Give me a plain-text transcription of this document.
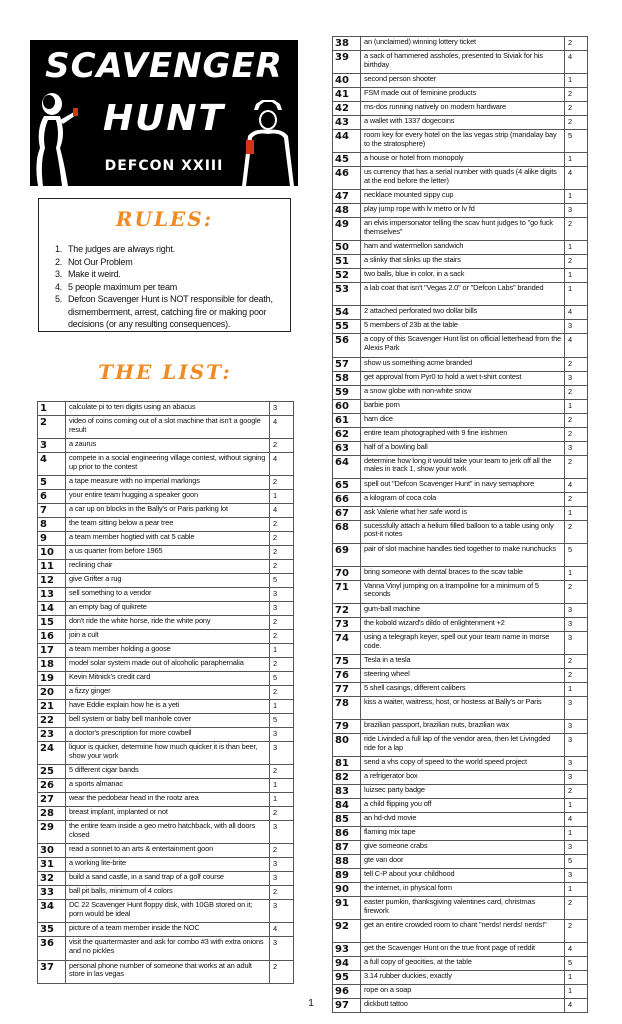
SCAVENGER
HUNT
DEFCON XXIII
RULES:
1. The judges are always right.
2. Not Our Problem
3. Make it weird.
4. 5 people maximum per team
5. Defcon Scavenger Hunt is NOT responsible for death, dismemberment, arrest, catching fire or making poor decisions (or any resulting consequences).
THE LIST:
1	calculate pi to ten digits using an abacus	3
2	video of coins coming out of a slot machine that isn't a google result	4
3	a zaurus	2
4	compete in a social engineering village contest, without signing up prior to the contest	4
5	a tape measure with no imperial markings	2
6	your entire team hugging a speaker goon	1
7	a car up on blocks in the Bally's or Paris parking lot	4
8	the team sitting below a pear tree	2
9	a team member hogtied with cat 5 cable	2
10	a us quarter from before 1965	2
11	reclining chair	2
12	give Grifter a rug	5
13	sell something to a vendor	3
14	an empty bag of quikrete	3
15	don't ride the white horse, ride the white pony	2
16	join a cult	2
17	a team member holding a goose	1
18	model solar system made out of alcoholic paraphernalia	2
19	Kevin Mitnick's credit card	5
20	a fizzy ginger	2
21	have Eddie explain how he is a yeti	1
22	bell system or baby bell manhole cover	5
23	a doctor's prescription for more cowbell	3
24	liquor is quicker, determine how much quicker it is than beer, show your work	3
25	5 different cigar bands	2
26	a sports almanac	1
27	wear the pedobear head in the rootz area	1
28	breast implant, implanted or not	2
29	the entire team inside a geo metro hatchback, with all doors closed	3
30	read a sonnet to an arts & entertainment goon	2
31	a working lite-brite	3
32	build a sand castle, in a sand trap of a golf course	3
33	ball pit balls, minimum of 4 colors	2
34	DC 22 Scavenger Hunt floppy disk, with 10GB stored on it; porn would be ideal	3
35	picture of a team member inside the NOC	4
36	visit the quartermaster and ask for combo #3 with extra onions and no pickles	3
37	personal phone number of someone that works at an adult store in las vegas	2
38	an (unclaimed) winning lottery ticket	2
39	a sack of hammered assholes, presented to Siviak for his birthday	4
40	second person shooter	1
41	FSM made out of feminine products	2
42	ms-dos running natively on modern hardware	2
43	a wallet with 1337 dogecoins	2
44	room key for every hotel on the las vegas strip (mandalay bay to the stratosphere)	5
45	a house or hotel from monopoly	1
46	us currency that has a serial number with quads (4 alike digits at the end before the letter)	4
47	necklace mounted sippy cup	1
48	play jump rope with lv metro or lv fd	3
49	an elvis impersonator telling the scav hunt judges to "go fuck themselves"	2
50	ham and watermellon sandwich	1
51	a slinky that slinks up the stairs	2
52	two balls, blue in color, in a sack	1
53	a lab coat that isn't "Vegas 2.0" or "Defcon Labs" branded	1
54	2 attached perforated two dollar bills	4
55	5 members of 23b at the table	3
56	a copy of this Scavenger Hunt list on official letterhead from the Alexis Park	4
57	show us something acme branded	2
58	get approval from Pyr0 to hold a wet t-shirt contest	3
59	a snow globe with non-white snow	2
60	barbie porn	1
61	ham dice	2
62	entire team photographed with 9 fine irishmen	2
63	half of a bowling ball	3
64	determine how long it would take your team to jerk off all the males in track 1, show your work	2
65	spell out "Defcon Scavenger Hunt" in navy semaphore	4
66	a kilogram of coca cola	2
67	ask Valerie what her safe word is	1
68	sucessfully attach a helium filled balloon to a table using only post-it notes	2
69	pair of slot machine handles tied together to make nunchucks	5
70	bring someone with dental braces to the scav table	1
71	Vanna Vinyl jumping on a trampoline for a minimum of 5 seconds	2
72	gum-ball machine	3
73	the kobold wizard's dildo of enlightenment +2	3
74	using a telegraph keyer, spell out your team name in morse code.	3
75	Tesla in a tesla	2
76	steering wheel	2
77	5 shell casings, different calibers	1
78	kiss a waiter, waitress, host, or hostess at Bally's or Paris	3
79	brazilian passport, brazilian nuts, brazilian wax	3
80	ride Livinded a full lap of the vendor area, then let Livingded ride for a lap	3
81	send a vhs copy of speed to the world speed project	3
82	a refrigerator box	3
83	luizsec party badge	2
84	a child flipping you off	1
85	an hd-dvd movie	4
86	flaming mix tape	1
87	give someone crabs	3
88	gte van door	5
89	tell C-P about your childhood	3
90	the internet, in physical form	1
91	easter pumkin, thanksgiving valentines card, christmas firework	2
92	get an entire crowded room to chant "nerds! nerds! nerds!"	2
93	get the Scavenger Hunt on the true front page of reddit	4
94	a full copy of geocities, at the table	5
95	3.14 rubber duckies, exactly	1
96	rope on a soap	1
97	dickbutt tattoo	4
1
